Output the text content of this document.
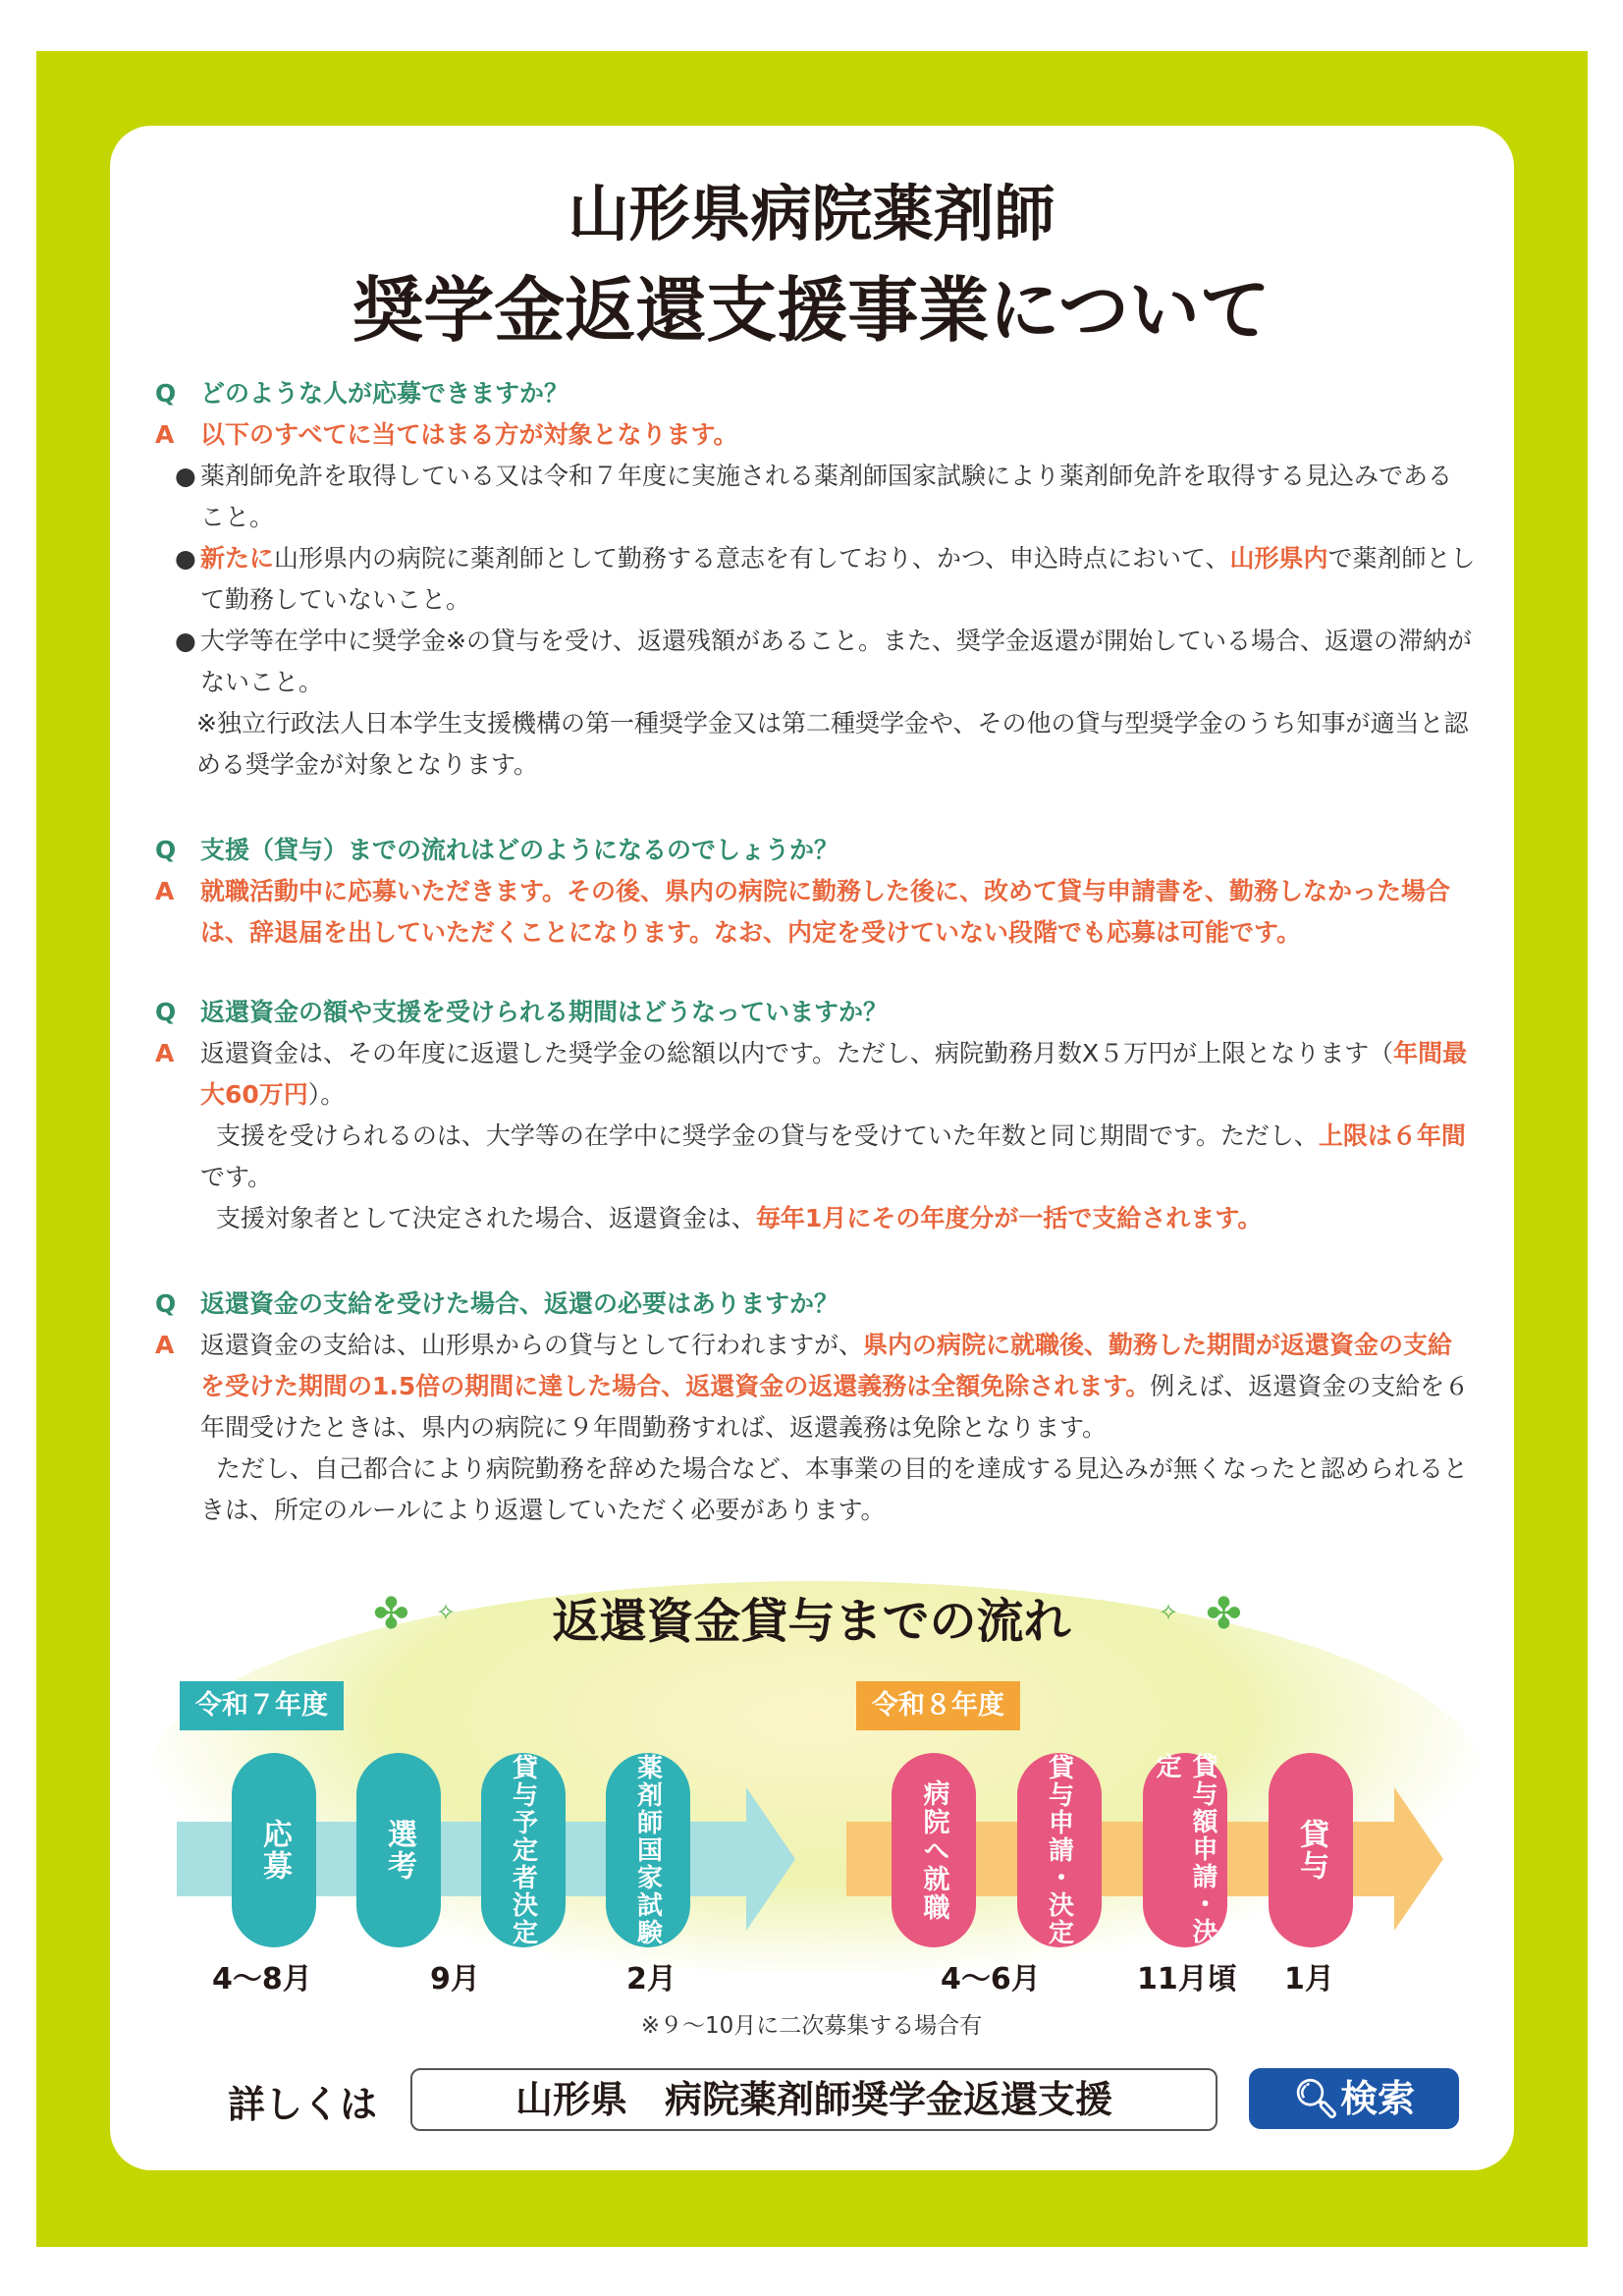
山形県病院薬剤師
奨学金返還支援事業について
Q どのような人が応募できますか？
A 以下のすべてに当てはまる方が対象となります。
● 薬剤師免許を取得している又は令和７年度に実施される薬剤師国家試験により薬剤師免許を取得する見込みであること。
● 新たに山形県内の病院に薬剤師として勤務する意志を有しており、かつ、申込時点において、山形県内で薬剤師として勤務していないこと。
● 大学等在学中に奨学金※の貸与を受け、返還残額があること。また、奨学金返還が開始している場合、返還の滞納がないこと。
※独立行政法人日本学生支援機構の第一種奨学金又は第二種奨学金や、その他の貸与型奨学金のうち知事が適当と認める奨学金が対象となります。
Q 支援（貸与）までの流れはどのようになるのでしょうか？
A 就職活動中に応募いただきます。その後、県内の病院に勤務した後に、改めて貸与申請書を、勤務しなかった場合は、辞退届を出していただくことになります。なお、内定を受けていない段階でも応募は可能です。
Q 返還資金の額や支援を受けられる期間はどうなっていますか？
A 返還資金は、その年度に返還した奨学金の総額以内です。ただし、病院勤務月数X５万円が上限となります（年間最大60万円）。
支援を受けられるのは、大学等の在学中に奨学金の貸与を受けていた年数と同じ期間です。ただし、上限は６年間です。
支援対象者として決定された場合、返還資金は、毎年1月にその年度分が一括で支給されます。
Q 返還資金の支給を受けた場合、返還の必要はありますか？
A 返還資金の支給は、山形県からの貸与として行われますが、県内の病院に就職後、勤務した期間が返還資金の支給を受けた期間の1.5倍の期間に達した場合、返還資金の返還義務は全額免除されます。例えば、返還資金の支給を６年間受けたときは、県内の病院に９年間勤務すれば、返還義務は免除となります。
ただし、自己都合により病院勤務を辞めた場合など、本事業の目的を達成する見込みが無くなったと認められるときは、所定のルールにより返還していただく必要があります。
✤ ✧	✧ ✤
返還資金貸与までの流れ
令和７年度	令和８年度
応募	選考	貸与予定者決定	薬剤師国家試験	病院へ就職	貸与申請・決定	貸与額申請・決定
貸与
4～8月	9月	2月	4～6月	11月頃 1月
※９～10月に二次募集する場合有
詳しくは	山形県　病院薬剤師奨学金返還支援	🔍︎検索
